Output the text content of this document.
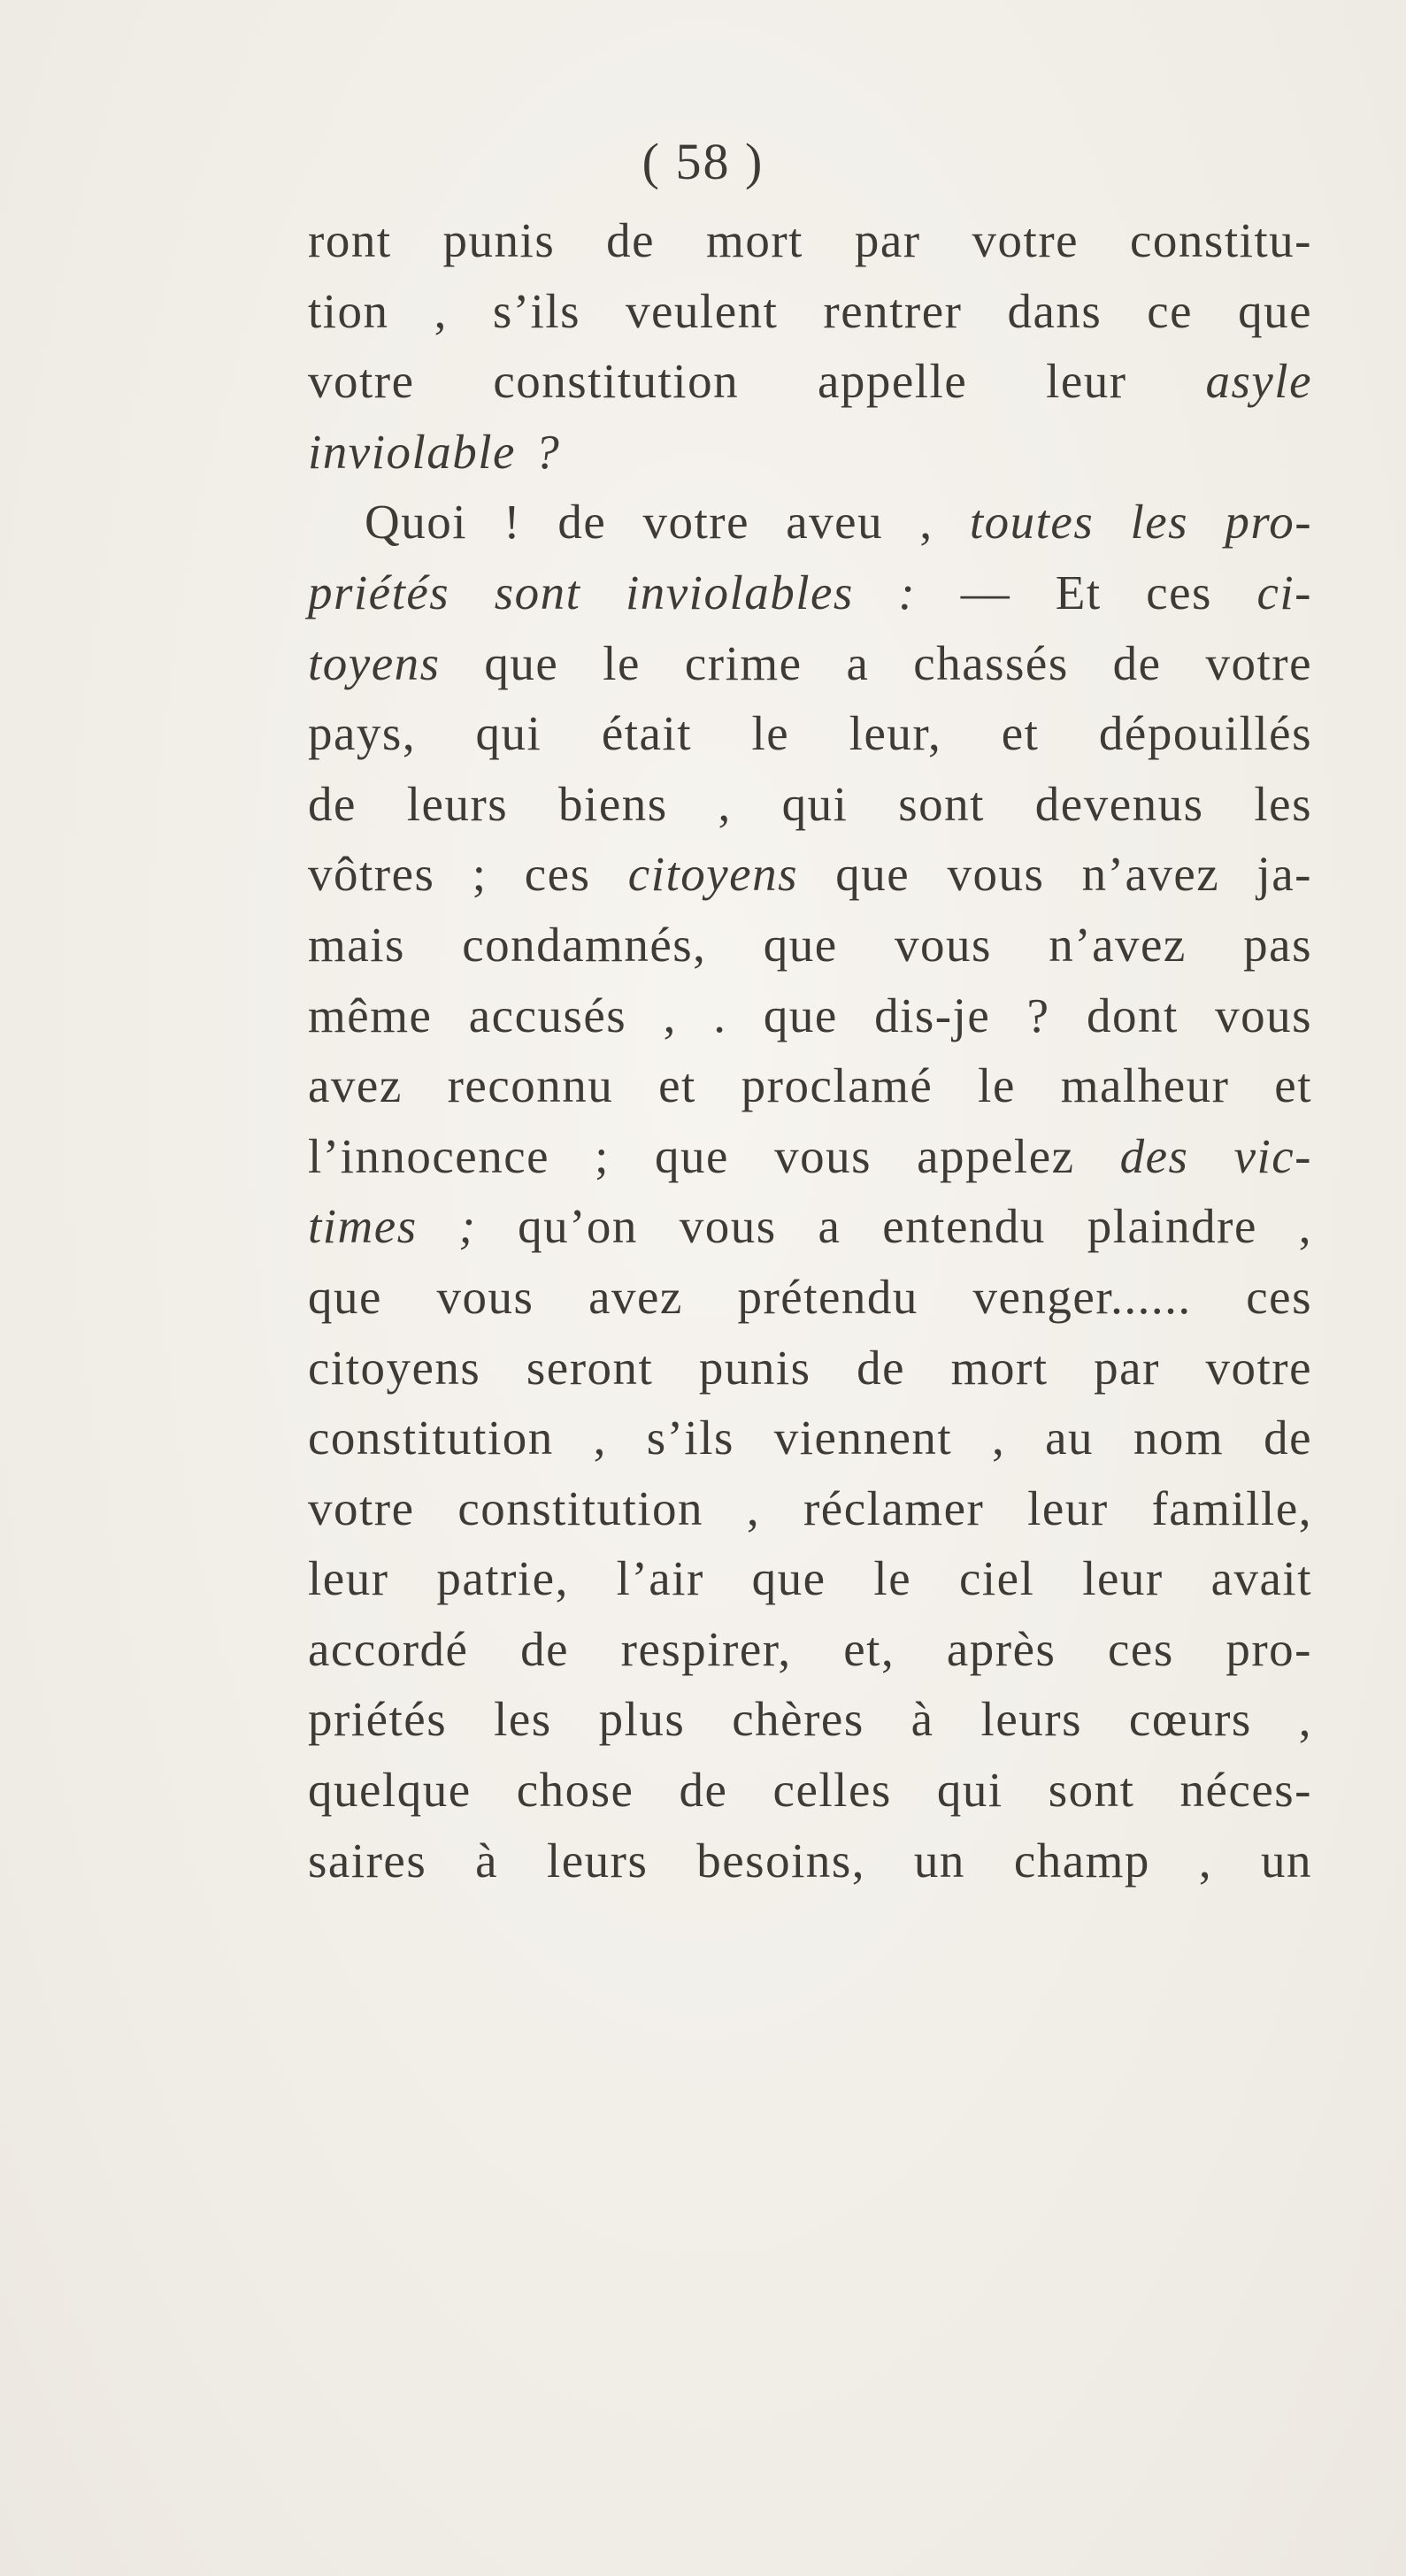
( 58 )
ront punis de mort par votre constitu-
tion , s’ils veulent rentrer dans ce que
votre constitution appelle leur asyle
inviolable ?
Quoi ! de votre aveu , toutes les pro-
priétés sont inviolables : — Et ces ci-
toyens que le crime a chassés de votre
pays, qui était le leur, et dépouillés
de leurs biens , qui sont devenus les
vôtres ; ces citoyens que vous n’avez ja-
mais condamnés, que vous n’avez pas
même accusés , . que dis-je ? dont vous
avez reconnu et proclamé le malheur et
l’innocence ; que vous appelez des vic-
times ; qu’on vous a entendu plaindre ,
que vous avez prétendu venger...... ces
citoyens seront punis de mort par votre
constitution , s’ils viennent , au nom de
votre constitution , réclamer leur famille,
leur patrie, l’air que le ciel leur avait
accordé de respirer, et, après ces pro-
priétés les plus chères à leurs cœurs ,
quelque chose de celles qui sont néces-
saires à leurs besoins, un champ , un
